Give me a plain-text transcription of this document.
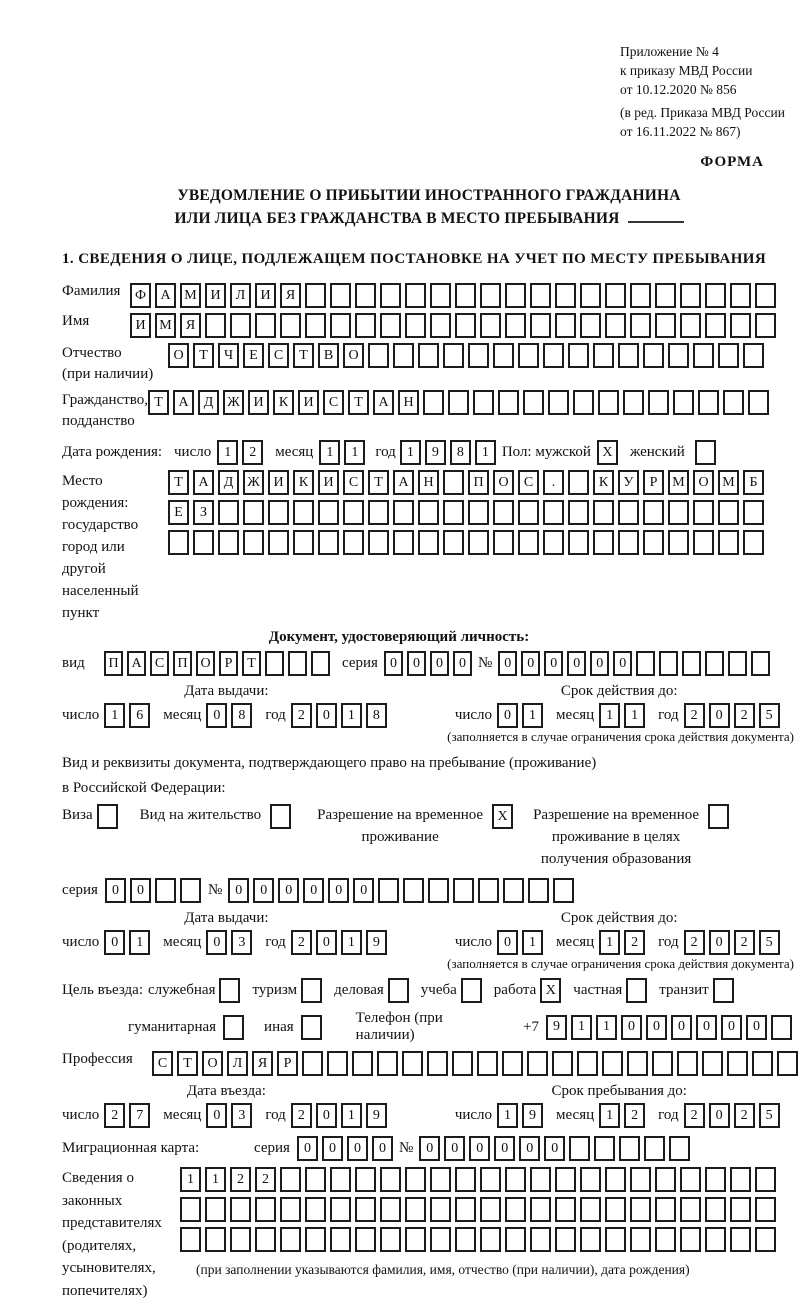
Приложение № 4
к приказу МВД России
от 10.12.2020 № 856
(в ред. Приказа МВД России
от 16.11.2022 № 867)
ФОРМА
УВЕДОМЛЕНИЕ О ПРИБЫТИИ ИНОСТРАННОГО ГРАЖДАНИНА
ИЛИ ЛИЦА БЕЗ ГРАЖДАНСТВА В МЕСТО ПРЕБЫВАНИЯ
1. СВЕДЕНИЯ О ЛИЦЕ, ПОДЛЕЖАЩЕМ ПОСТАНОВКЕ НА УЧЕТ ПО МЕСТУ ПРЕБЫВАНИЯ
Фамилия	Ф	А М И	Л	И	Я
Имя	И М	Я
Отчество
(при наличии)
О	Т	Ч	Е	С	Т	В	О
Гражданство,
подданство
Т	А	Д Ж И	К	И	С	Т	А	Н
Дата рождения: число 1	2	месяц 1	1	год 1	9	8	1 Пол: мужской X	женский
Место рождения:
государство
город или другой
населенный пункт
Т	А	Д Ж И	К	И	С	Т	А	Н	П	О	С	.	К	У	Р	М О М	Б
Е	З
Документ, удостоверяющий личность:
вид	П А С П О	Р	Т	серия 0	0	0	0 № 0	0	0	0	0	0
Дата выдачи:
число 1	6	месяц 0	8	год 2	0	1	8
Срок действия до:
число 0	1	месяц 1	1	год 2	0	2	5
(заполняется в случае ограничения срока действия документа)
Вид и реквизиты документа, подтверждающего право на пребывание (проживание)
в Российской Федерации:
Виза	Вид на жительство	Разрешение на временное
проживание
X	Разрешение на временное
проживание в целях
получения образования
серия	0	0	№ 0	0	0	0	0	0
Дата выдачи:
число 0	1	месяц 0	3	год 2	0	1	9
Срок действия до:
число 0	1	месяц 1	2	год 2	0	2	5
(заполняется в случае ограничения срока действия документа)
Цель въезда: служебная туризм деловая учеба работа X	частная транзит
гуманитарная	иная
Телефон (при наличии)
+7	9	1	1	0	0	0	0	0	0
Профессия	С	Т	О	Л	Я	Р
Дата въезда:
число 2	7	месяц 0	3	год 2	0	1	9
Срок пребывания до:
число 1	9	месяц 1	2	год 2	0	2	5
Миграционная карта:	серия	0	0	0	0 № 0	0	0	0	0	0
Сведения о
законных
представителях
(родителях,
усыновителях,
попечителях)
1	1	2	2
(при заполнении указываются фамилия, имя, отчество (при наличии), дата рождения)
